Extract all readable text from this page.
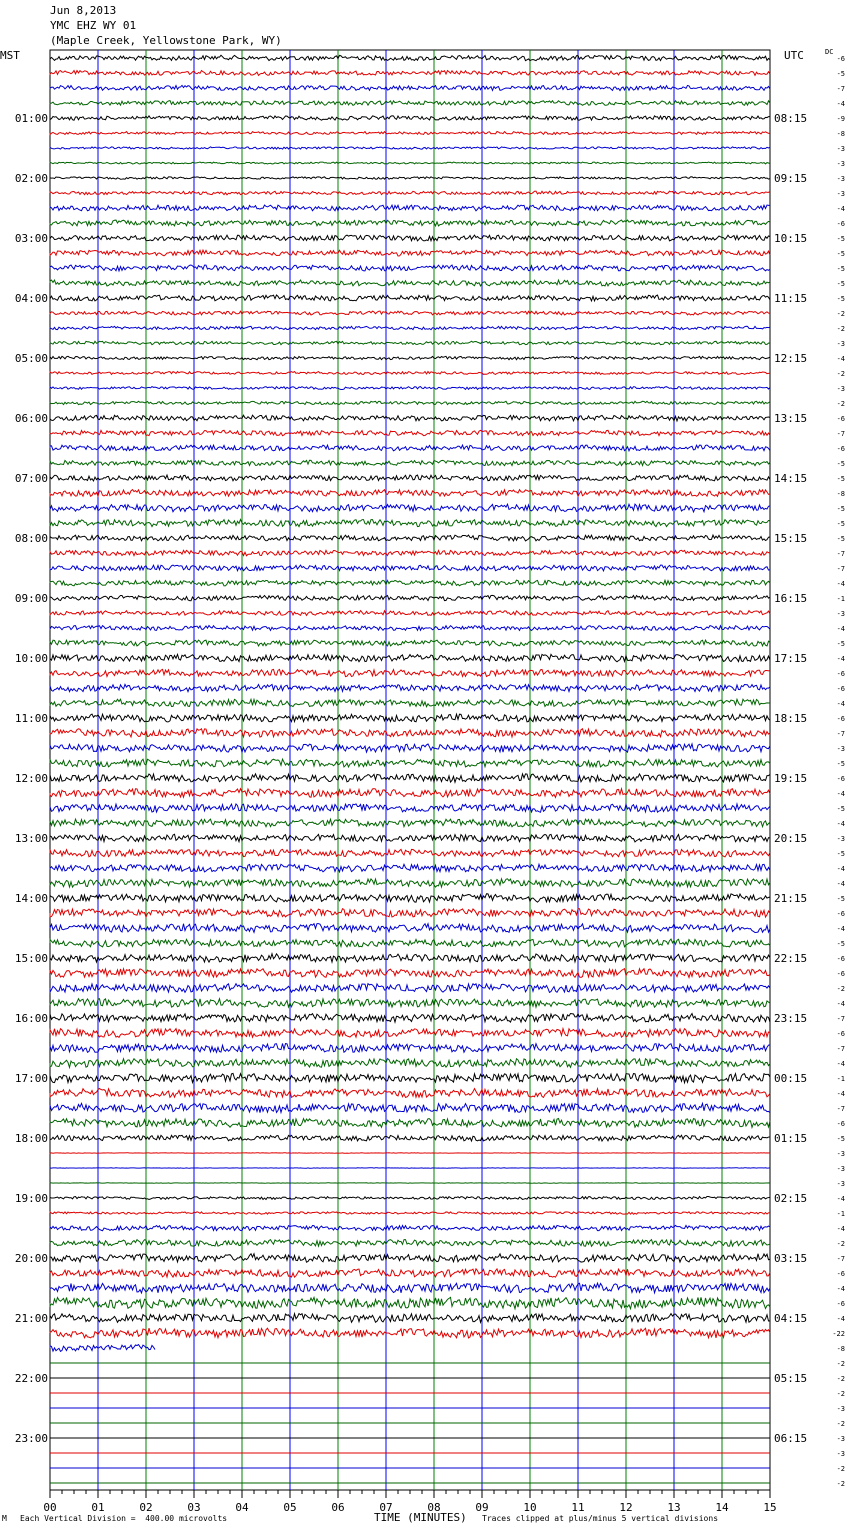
Jun 8,2013
YMC EHZ WY 01
(Maple Creek, Yellowstone Park, WY)
MST	UTC	DC
-6
-5
-7
-4
-9
-8
-3
-3
-3
-3
-4
-6
-5
-5
-5
-5
-5
-2
-2
-3
-4
-2
-3
-2
-6
-7
-6
-5
-5
-8
-5
-5
-5
-7
-7
-4
-1
-3
-4
-5
-4
-6
-6
-4
-6
-7
-3
-5
-6
-4
-5
-4
-3
-5
-4
-4
-5
-6
-4
-5
-6
-6
-2
-4
-7
-6
-7
-4
-1
-4
-7
-6
-5
-3
-3
-3
-4
-1
-4
-2
-7
-6
-4
-6
-4
-22
-8
-2
-2
-2
-3
-2
-3
-3
-2
-2
01:00
02:00
03:00
04:00
05:00
06:00
07:00
08:00
09:00
10:00
11:00
12:00
13:00
14:00
15:00
16:00
17:00
18:00
19:00
20:00
21:00
22:00
23:00
08:15
09:15
10:15
11:15
12:15
13:15
14:15
15:15
16:15
17:15
18:15
19:15
20:15
21:15
22:15
23:15
00:15
01:15
02:15
03:15
04:15
05:15
06:15
00	01	02	03	04	05	06	07	08	09	10	11	12	13	14	15
M Each Vertical Division =  400.00 microvolts	TIME (MINUTES) Traces clipped at plus/minus 5 vertical divisions
